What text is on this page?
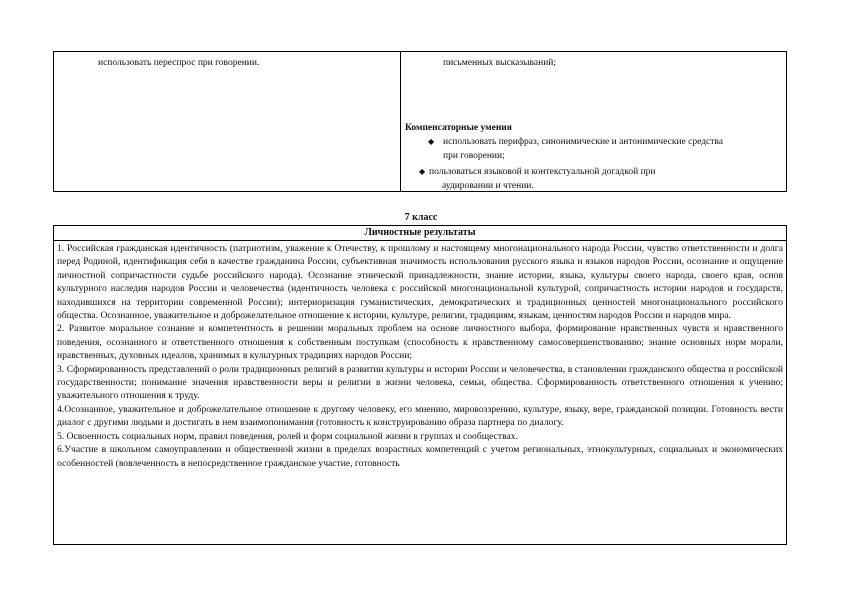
использовать переспрос при говорении.	письменных высказываний;
Компенсаторные умения
◆ использовать перифраз, синонимические и антонимические средства при говорении;
◆ пользоваться языковой и контекстуальной догадкой при
аудировании и чтении.
7 класс
Личностные результаты

1. Российская гражданская идентичность (патриотизм, уважение к Отечеству, к прошлому и настоящему многонационального народа России, чувство ответственности и долга перед Родиной, идентификация себя в качестве гражданина России, субъективная значимость использования русского языка и языков народов России, осознание и ощущение личностной сопричастности судьбе российского народа). Осознание этнической принадлежности, знание истории, языка, культуры своего народа, своего края, основ культурного наследия народов России и человечества (идентичность человека с российской многонациональной культурой, сопричастность истории народов и государств, находившихся на территории современной России); интериоризация гуманистических, демократических и традиционных ценностей многонационального российского общества. Осознанное, уважительное и доброжелательное отношение к истории, культуре, религии, традициям, языкам, ценностям народов России и народов мира.

2. Развитое моральное сознание и компетентность в решении моральных проблем на основе личностного выбора, формирование нравственных чувств и нравственного поведения, осознанного и ответственного отношения к собственным поступкам (способность к нравственному самосовершенствованию; знание основных норм морали, нравственных, духовных идеалов, хранимых в культурных традициях народов России;

3. Сформированность представлений о роли традиционных религий в развитии культуры и истории России и человечества, в становлении гражданского общества и российской государственности; понимание значения нравственности веры и религии в жизни человека, семьи, общества. Сформированность ответственного отношения к учению; уважительного отношения к труду.

4.Осознанное, уважительное и доброжелательное отношение к другому человеку, его мнению, мировоззрению, культуре, языку, вере, гражданской позиции. Готовность вести диалог с другими людьми и достигать в нем взаимопонимания (готовность к конструированию образа партнера по диалогу.

5. Освоенность социальных норм, правил поведения, ролей и форм социальной жизни в группах и сообществах.

6.Участие в школьном самоуправлении и общественной жизни в пределах возрастных компетенций с учетом региональных, этнокультурных, социальных и экономических особенностей (вовлеченность в непосредственное гражданское участие, готовность
